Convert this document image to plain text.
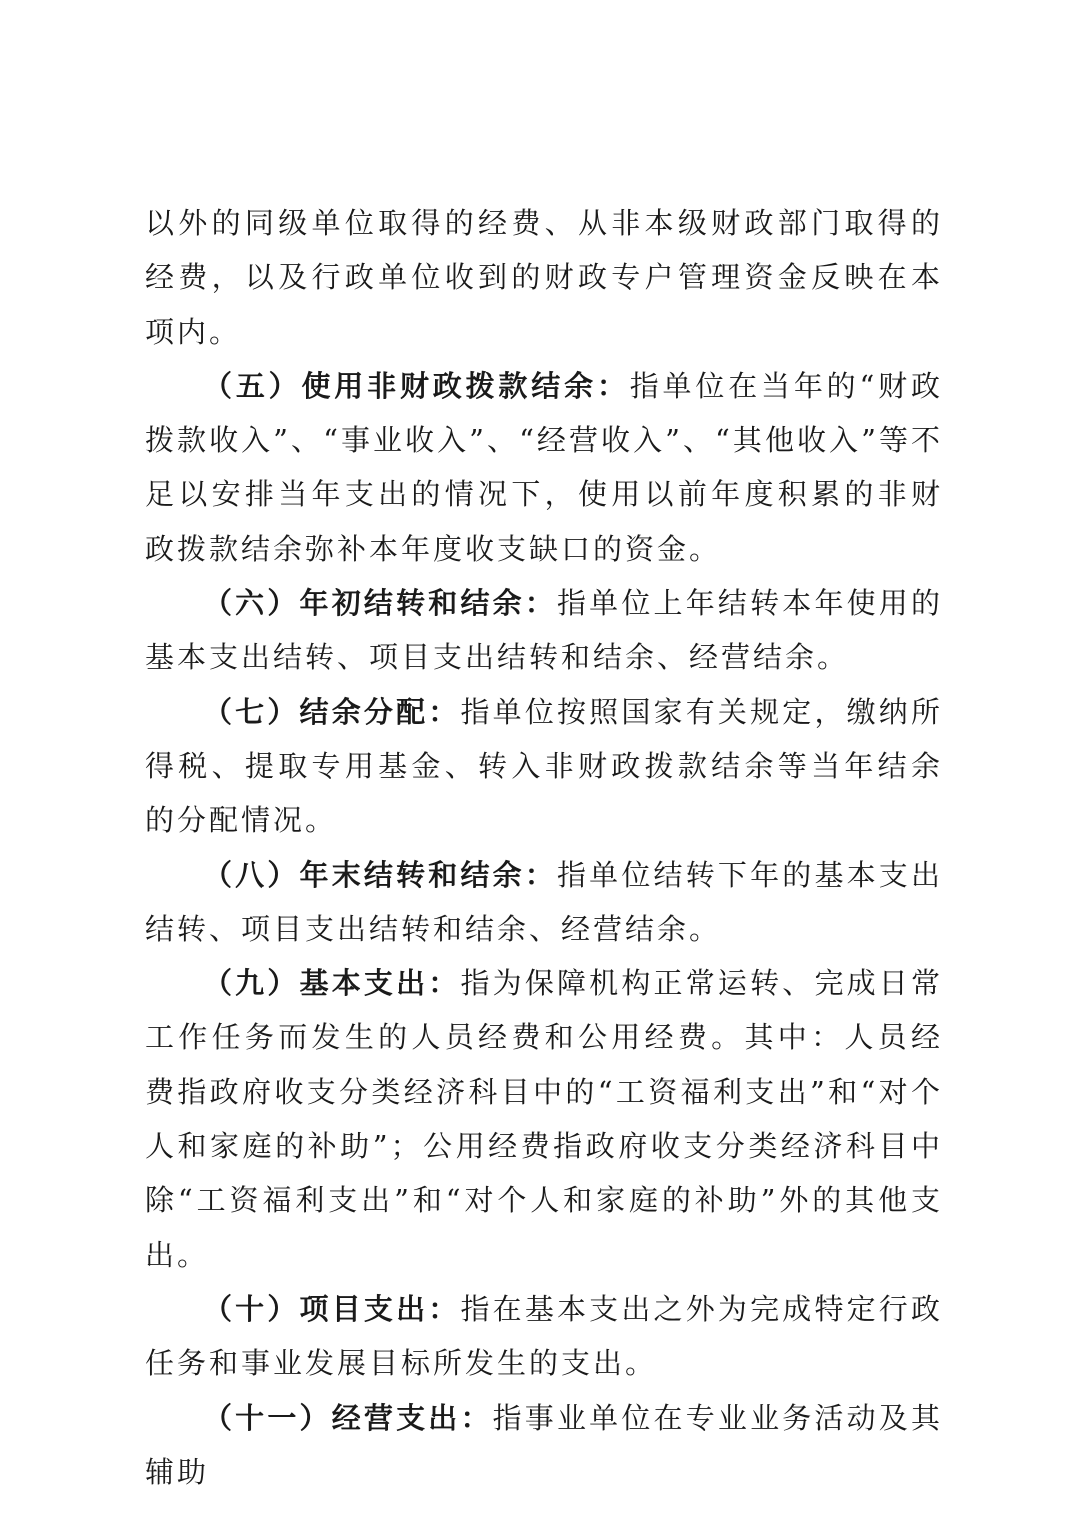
以外的同级单位取得的经费、从非本级财政部门取得的经费，以及行政单位收到的财政专户管理资金反映在本项内。

（五）使用非财政拨款结余：指单位在当年的“财政拨款收入”、“事业收入”、“经营收入”、“其他收入”等不足以安排当年支出的情况下，使用以前年度积累的非财政拨款结余弥补本年度收支缺口的资金。

（六）年初结转和结余：指单位上年结转本年使用的基本支出结转、项目支出结转和结余、经营结余。

（七）结余分配：指单位按照国家有关规定，缴纳所得税、提取专用基金、转入非财政拨款结余等当年结余的分配情况。

（八）年末结转和结余：指单位结转下年的基本支出结转、项目支出结转和结余、经营结余。

（九）基本支出：指为保障机构正常运转、完成日常工作任务而发生的人员经费和公用经费。其中：人员经费指政府收支分类经济科目中的“工资福利支出”和“对个人和家庭的补助”；公用经费指政府收支分类经济科目中除“工资福利支出”和“对个人和家庭的补助”外的其他支出。

（十）项目支出：指在基本支出之外为完成特定行政任务和事业发展目标所发生的支出。

（十一）经营支出：指事业单位在专业业务活动及其辅助
